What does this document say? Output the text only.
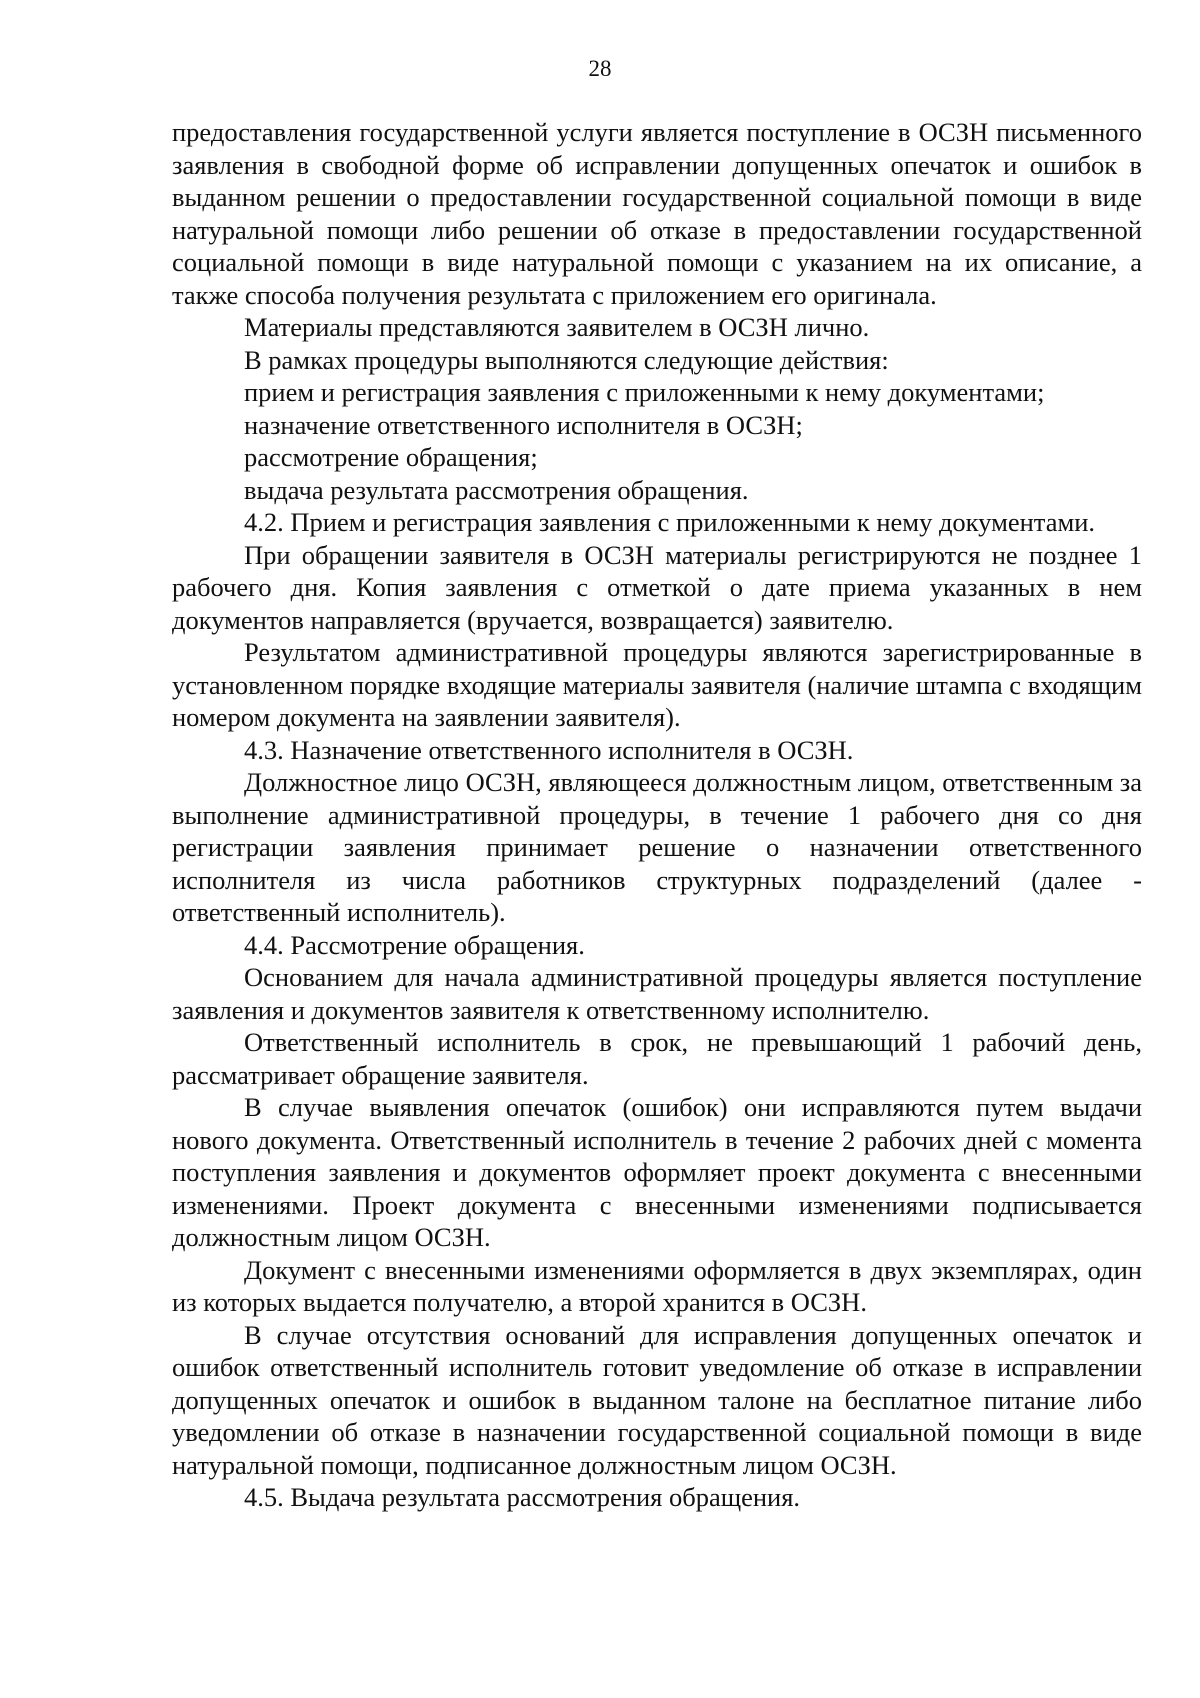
28

предоставления государственной услуги является поступление в ОСЗН письменного заявления в свободной форме об исправлении допущенных опечаток и ошибок в выданном решении о предоставлении государственной социальной помощи в виде натуральной помощи либо решении об отказе в предоставлении государственной социальной помощи в виде натуральной помощи с указанием на их описание, а также способа получения результата с приложением его оригинала.

Материалы представляются заявителем в ОСЗН лично.

В рамках процедуры выполняются следующие действия:

прием и регистрация заявления с приложенными к нему документами;

назначение ответственного исполнителя в ОСЗН;

рассмотрение обращения;

выдача результата рассмотрения обращения.

4.2. Прием и регистрация заявления с приложенными к нему документами.

При обращении заявителя в ОСЗН материалы регистрируются не позднее 1 рабочего дня. Копия заявления с отметкой о дате приема указанных в нем документов направляется (вручается, возвращается) заявителю.

Результатом административной процедуры являются зарегистрированные в установленном порядке входящие материалы заявителя (наличие штампа с входящим номером документа на заявлении заявителя).

4.3. Назначение ответственного исполнителя в ОСЗН.

Должностное лицо ОСЗН, являющееся должностным лицом, ответственным за выполнение административной процедуры, в течение 1 рабочего дня со дня регистрации заявления принимает решение о назначении ответственного исполнителя из числа работников структурных подразделений (далее - ответственный исполнитель).

4.4. Рассмотрение обращения.

Основанием для начала административной процедуры является поступление заявления и документов заявителя к ответственному исполнителю.

Ответственный исполнитель в срок, не превышающий 1 рабочий день, рассматривает обращение заявителя.

В случае выявления опечаток (ошибок) они исправляются путем выдачи нового документа. Ответственный исполнитель в течение 2 рабочих дней с момента поступления заявления и документов оформляет проект документа с внесенными изменениями. Проект документа с внесенными изменениями подписывается должностным лицом ОСЗН.

Документ с внесенными изменениями оформляется в двух экземплярах, один из которых выдается получателю, а второй хранится в ОСЗН.

В случае отсутствия оснований для исправления допущенных опечаток и ошибок ответственный исполнитель готовит уведомление об отказе в исправлении допущенных опечаток и ошибок в выданном талоне на бесплатное питание либо уведомлении об отказе в назначении государственной социальной помощи в виде натуральной помощи, подписанное должностным лицом ОСЗН.

4.5. Выдача результата рассмотрения обращения.
